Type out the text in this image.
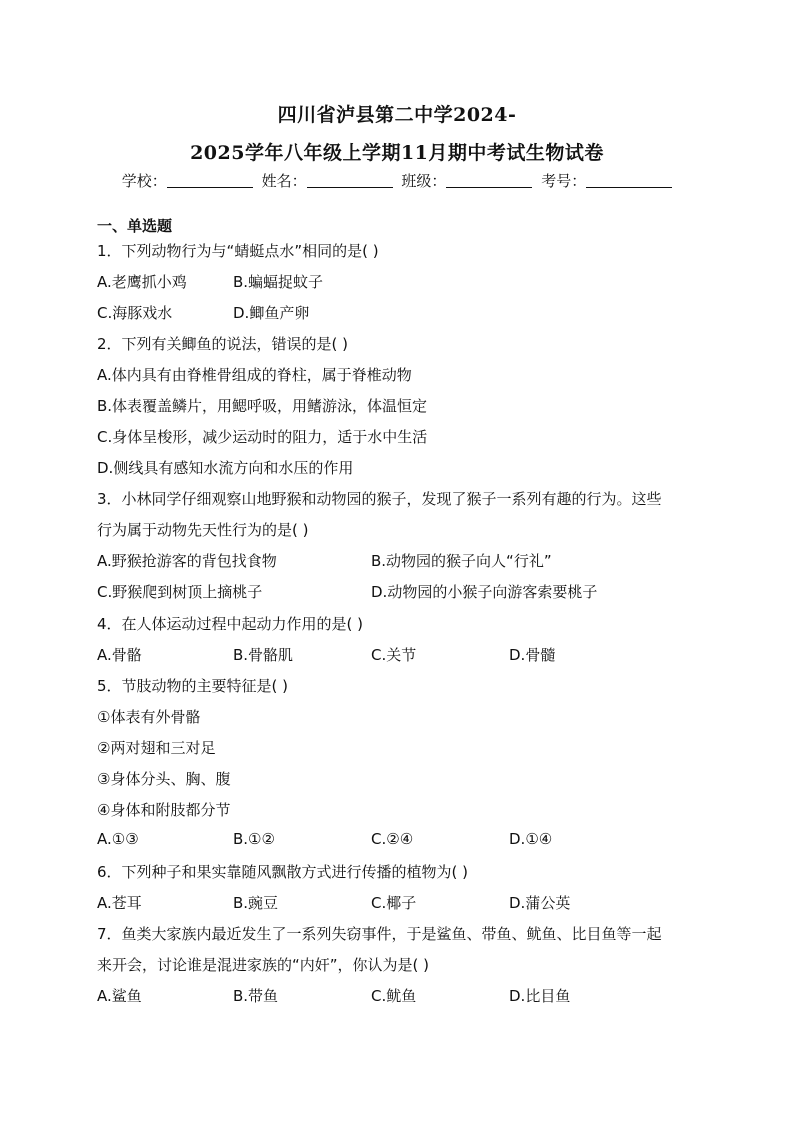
四川省泸县第二中学2024-
2025学年八年级上学期11月期中考试生物试卷
学校：	姓名：	班级：	考号：
一、单选题
1．下列动物行为与“蜻蜓点水”相同的是( )
A.老鹰抓小鸡	B.蝙蝠捉蚊子
C.海豚戏水	D.鲫鱼产卵
2．下列有关鲫鱼的说法，错误的是( )
A.体内具有由脊椎骨组成的脊柱，属于脊椎动物
B.体表覆盖鳞片，用鳃呼吸，用鳍游泳，体温恒定
C.身体呈梭形，减少运动时的阻力，适于水中生活
D.侧线具有感知水流方向和水压的作用
3．小林同学仔细观察山地野猴和动物园的猴子，发现了猴子一系列有趣的行为。这些
行为属于动物先天性行为的是( )
A.野猴抢游客的背包找食物	B.动物园的猴子向人“行礼”
C.野猴爬到树顶上摘桃子	D.动物园的小猴子向游客索要桃子
4．在人体运动过程中起动力作用的是( )
A.骨骼	B.骨骼肌	C.关节	D.骨髓
5．节肢动物的主要特征是( )
①体表有外骨骼
②两对翅和三对足
③身体分头、胸、腹
④身体和附肢都分节
A.①③	B.①②	C.②④	D.①④
6．下列种子和果实靠随风飘散方式进行传播的植物为( )
A.苍耳	B.豌豆	C.椰子	D.蒲公英
7．鱼类大家族内最近发生了一系列失窃事件，于是鲨鱼、带鱼、鱿鱼、比目鱼等一起
来开会，讨论谁是混进家族的“内奸”，你认为是( )
A.鲨鱼	B.带鱼	C.鱿鱼	D.比目鱼
